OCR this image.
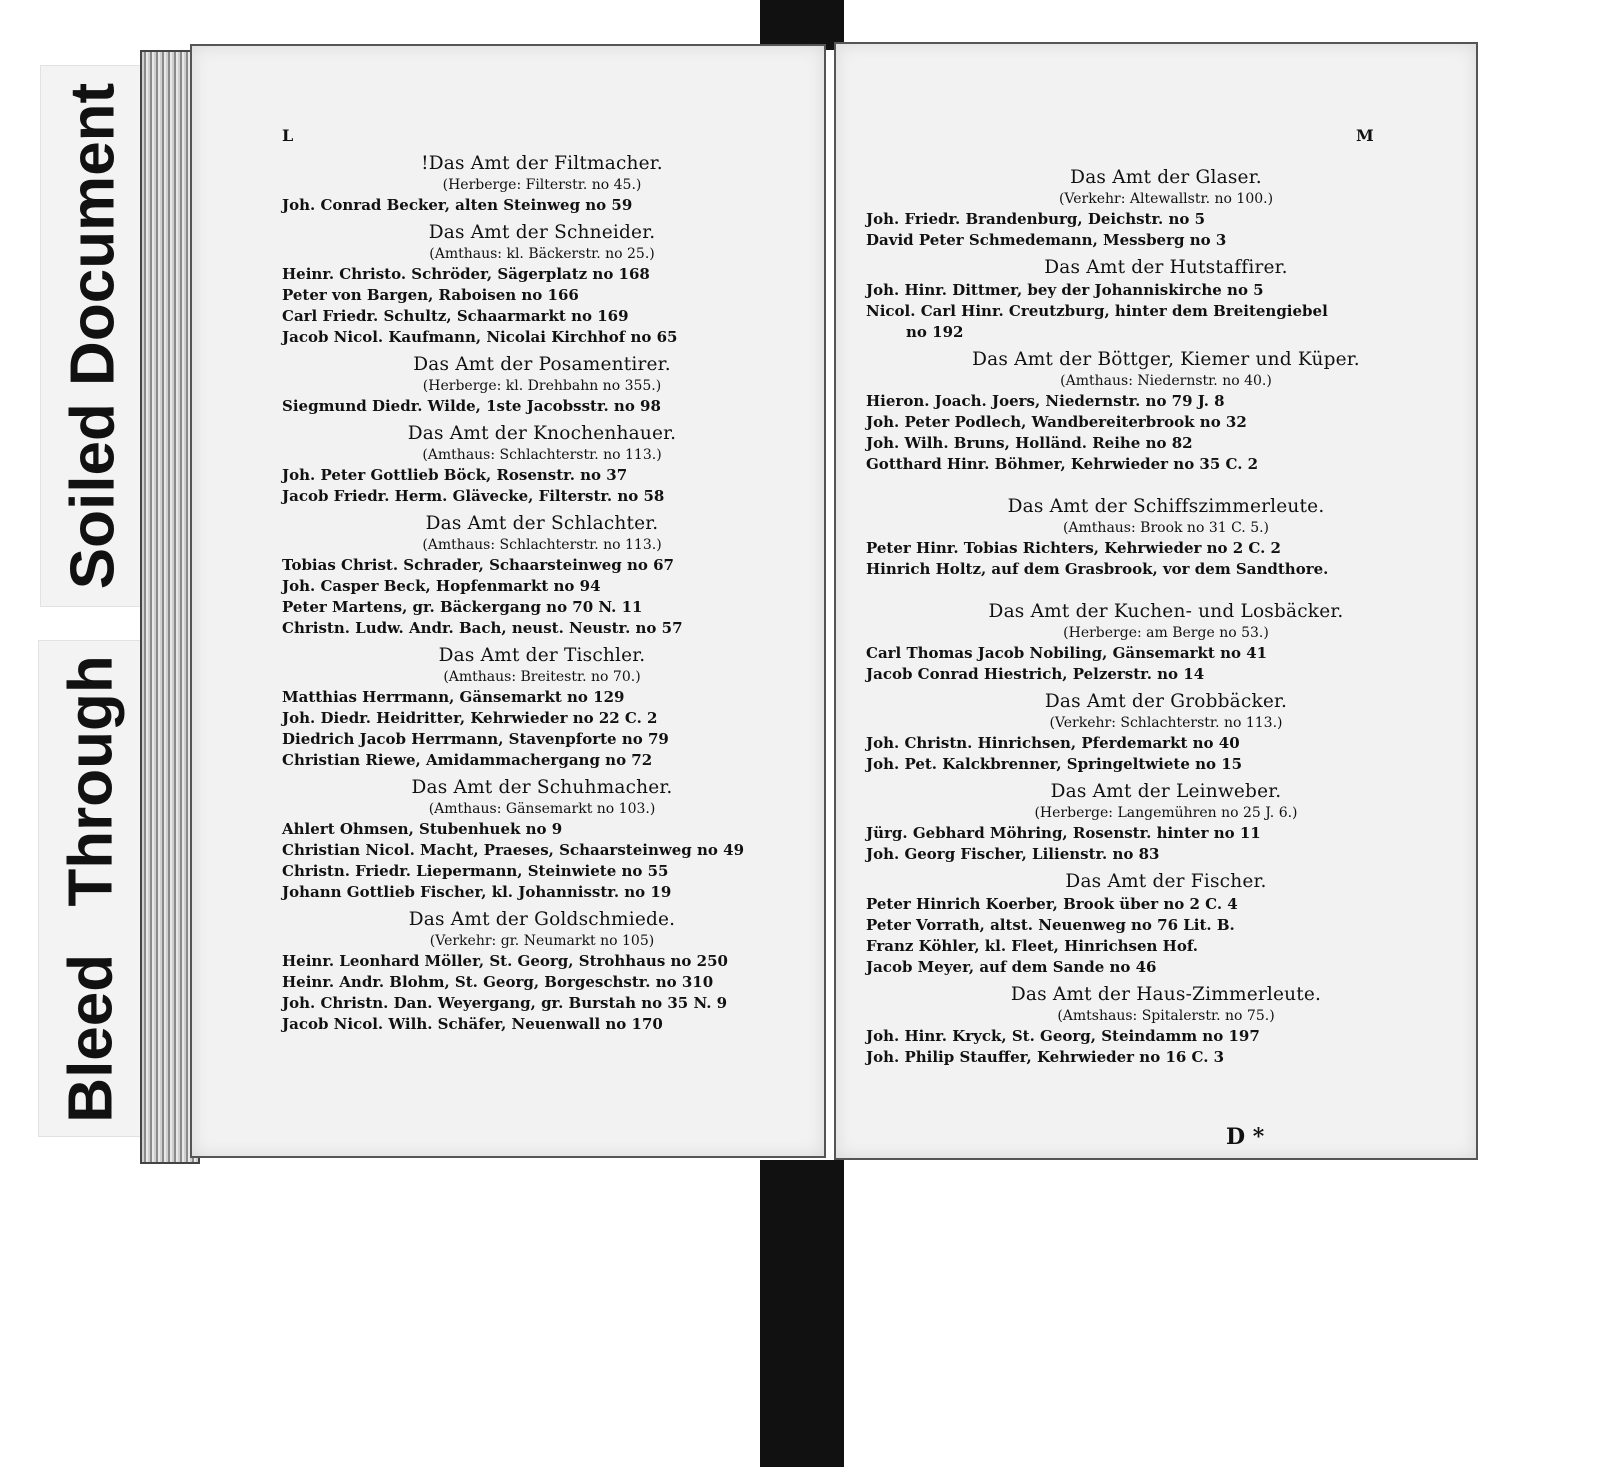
Soiled Document
Bleed Through
L
!Das Amt der Filtmacher.
(Herberge: Filterstr. no 45.)
Joh. Conrad Becker, alten Steinweg no 59
Das Amt der Schneider.
(Amthaus: kl. Bäckerstr. no 25.)
Heinr. Christo. Schröder, Sägerplatz no 168
Peter von Bargen, Raboisen no 166
Carl Friedr. Schultz, Schaarmarkt no 169
Jacob Nicol. Kaufmann, Nicolai Kirchhof no 65
Das Amt der Posamentirer.
(Herberge: kl. Drehbahn no 355.)
Siegmund Diedr. Wilde, 1ste Jacobsstr. no 98
Das Amt der Knochenhauer.
(Amthaus: Schlachterstr. no 113.)
Joh. Peter Gottlieb Böck, Rosenstr. no 37
Jacob Friedr. Herm. Glävecke, Filterstr. no 58
Das Amt der Schlachter.
(Amthaus: Schlachterstr. no 113.)
Tobias Christ. Schrader, Schaarsteinweg no 67
Joh. Casper Beck, Hopfenmarkt no 94
Peter Martens, gr. Bäckergang no 70 N. 11
Christn. Ludw. Andr. Bach, neust. Neustr. no 57
Das Amt der Tischler.
(Amthaus: Breitestr. no 70.)
Matthias Herrmann, Gänsemarkt no 129
Joh. Diedr. Heidritter, Kehrwieder no 22 C. 2
Diedrich Jacob Herrmann, Stavenpforte no 79
Christian Riewe, Amidammachergang no 72
Das Amt der Schuhmacher.
(Amthaus: Gänsemarkt no 103.)
Ahlert Ohmsen, Stubenhuek no 9
Christian Nicol. Macht, Praeses, Schaarsteinweg no 49
Christn. Friedr. Liepermann, Steinwiete no 55
Johann Gottlieb Fischer, kl. Johannisstr. no 19
Das Amt der Goldschmiede.
(Verkehr: gr. Neumarkt no 105)
Heinr. Leonhard Möller, St. Georg, Strohhaus no 250
Heinr. Andr. Blohm, St. Georg, Borgeschstr. no 310
Joh. Christn. Dan. Weyergang, gr. Burstah no 35 N. 9
Jacob Nicol. Wilh. Schäfer, Neuenwall no 170
M
Das Amt der Glaser.
(Verkehr: Altewallstr. no 100.)
Joh. Friedr. Brandenburg, Deichstr. no 5
David Peter Schmedemann, Messberg no 3
Das Amt der Hutstaffirer.
Joh. Hinr. Dittmer, bey der Johanniskirche no 5
Nicol. Carl Hinr. Creutzburg, hinter dem Breitengiebel
no 192
Das Amt der Böttger, Kiemer und Küper.
(Amthaus: Niedernstr. no 40.)
Hieron. Joach. Joers, Niedernstr. no 79 J. 8
Joh. Peter Podlech, Wandbereiterbrook no 32
Joh. Wilh. Bruns, Holländ. Reihe no 82
Gotthard Hinr. Böhmer, Kehrwieder no 35 C. 2
Das Amt der Schiffszimmerleute.
(Amthaus: Brook no 31 C. 5.)
Peter Hinr. Tobias Richters, Kehrwieder no 2 C. 2
Hinrich Holtz, auf dem Grasbrook, vor dem Sandthore.
Das Amt der Kuchen- und Losbäcker.
(Herberge: am Berge no 53.)
Carl Thomas Jacob Nobiling, Gänsemarkt no 41
Jacob Conrad Hiestrich, Pelzerstr. no 14
Das Amt der Grobbäcker.
(Verkehr: Schlachterstr. no 113.)
Joh. Christn. Hinrichsen, Pferdemarkt no 40
Joh. Pet. Kalckbrenner, Springeltwiete no 15
Das Amt der Leinweber.
(Herberge: Langemühren no 25 J. 6.)
Jürg. Gebhard Möhring, Rosenstr. hinter no 11
Joh. Georg Fischer, Lilienstr. no 83
Das Amt der Fischer.
Peter Hinrich Koerber, Brook über no 2 C. 4
Peter Vorrath, altst. Neuenweg no 76 Lit. B.
Franz Köhler, kl. Fleet, Hinrichsen Hof.
Jacob Meyer, auf dem Sande no 46
Das Amt der Haus-Zimmerleute.
(Amtshaus: Spitalerstr. no 75.)
Joh. Hinr. Kryck, St. Georg, Steindamm no 197
Joh. Philip Stauffer, Kehrwieder no 16 C. 3
D *
